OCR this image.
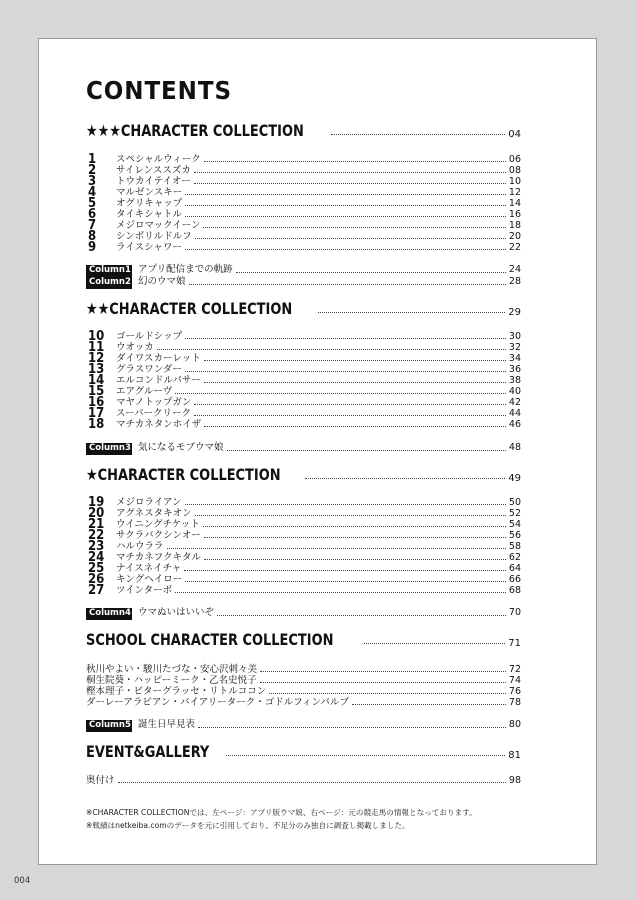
CONTENTS
★★★CHARACTER COLLECTION	04
★★CHARACTER COLLECTION	29
★CHARACTER COLLECTION	49
SCHOOL CHARACTER COLLECTION	71
EVENT&GALLERY	81
1	スペシャルウィーク	06
2	サイレンススズカ	08
3	トウカイテイオー	10
4	マルゼンスキー	12
5	オグリキャップ	14
6	タイキシャトル	16
7	メジロマックイーン	18
8	シンボリルドルフ	20
9	ライスシャワー	22
Column1 アプリ配信までの軌跡	24
Column2 幻のウマ娘	28
10	ゴールドシップ	30
11	ウオッカ	32
12	ダイワスカーレット	34
13	グラスワンダー	36
14	エルコンドルパサー	38
15	エアグルーヴ	40
16	マヤノトップガン	42
17	スーパークリーク	44
18	マチカネタンホイザ	46
Column3 気になるモブウマ娘	48
19	メジロライアン	50
20	アグネスタキオン	52
21	ウイニングチケット	54
22	サクラバクシンオー	56
23	ハルウララ	58
24	マチカネフクキタル	62
25	ナイスネイチャ	64
26	キングヘイロー	66
27	ツインターボ	68
Column4 ウマぬいはいいぞ	70
秋川やよい・駿川たづな・安心沢刺々美	72
桐生院葵・ハッピーミーク・乙名史悦子	74
樫本理子・ビターグラッセ・リトルココン	76
ダーレーアラビアン・バイアリーターク・ゴドルフィンバルブ	78
Column5 誕生日早見表	80
奥付け	98
※CHARACTER COLLECTIONでは、左ページ：アプリ版ウマ娘、右ページ：元の競走馬の情報となっております。
※戦績はnetkeiba.comのデータを元に引用しており、不足分のみ独自に調査し掲載しました。
004
